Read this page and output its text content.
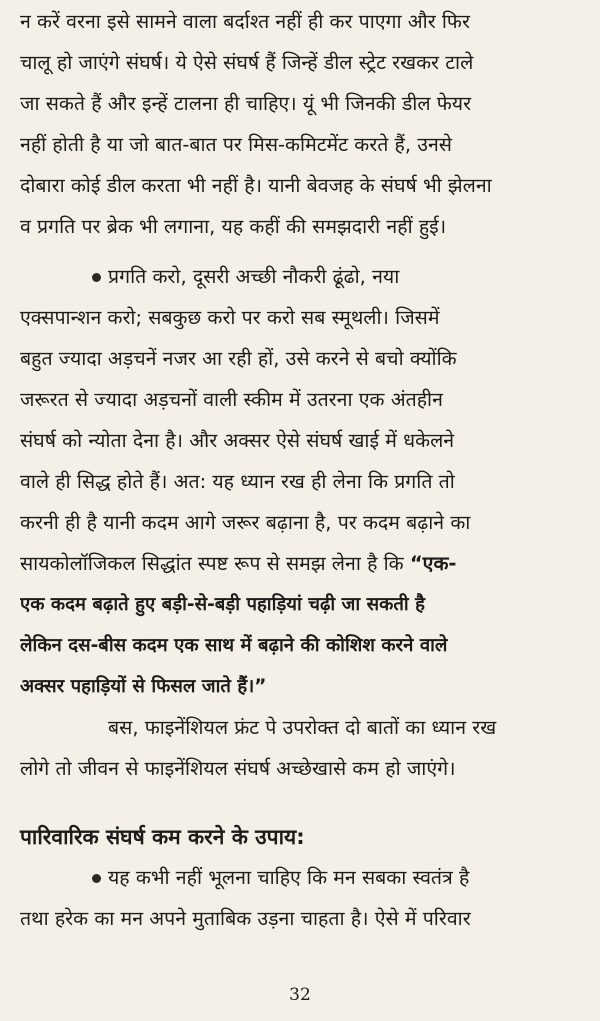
न करें वरना इसे सामने वाला बर्दाश्त नहीं ही कर पाएगा और फिर
चालू हो जाएंगे संघर्ष। ये ऐसे संघर्ष हैं जिन्हें डील स्ट्रेट रखकर टाले
जा सकते हैं और इन्हें टालना ही चाहिए। यूं भी जिनकी डील फेयर
नहीं होती है या जो बात-बात पर मिस-कमिटमेंट करते हैं, उनसे
दोबारा कोई डील करता भी नहीं है। यानी बेवजह के संघर्ष भी झेलना
व प्रगति पर ब्रेक भी लगाना, यह कहीं की समझदारी नहीं हुई।
प्रगति करो, दूसरी अच्छी नौकरी ढूंढो, नया
एक्सपान्शन करो; सबकुछ करो पर करो सब स्मूथली। जिसमें
बहुत ज्यादा अड़चनें नजर आ रही हों, उसे करने से बचो क्योंकि
जरूरत से ज्यादा अड़चनों वाली स्कीम में उतरना एक अंतहीन
संघर्ष को न्योता देना है। और अक्सर ऐसे संघर्ष खाई में धकेलने
वाले ही सिद्ध होते हैं। अत: यह ध्यान रख ही लेना कि प्रगति तो
करनी ही है यानी कदम आगे जरूर बढ़ाना है, पर कदम बढ़ाने का
सायकोलॉजिकल सिद्धांत स्पष्ट रूप से समझ लेना है कि “एक-
एक कदम बढ़ाते हुए बड़ी-से-बड़ी पहाड़ियां चढ़ी जा सकती है
लेकिन दस-बीस कदम एक साथ में बढ़ाने की कोशिश करने वाले
अक्सर पहाड़ियों से फिसल जाते हैं।”
बस, फाइनेंशियल फ्रंट पे उपरोक्त दो बातों का ध्यान रख
लोगे तो जीवन से फाइनेंशियल संघर्ष अच्छेखासे कम हो जाएंगे।
पारिवारिक संघर्ष कम करने के उपाय:
यह कभी नहीं भूलना चाहिए कि मन सबका स्वतंत्र है
तथा हरेक का मन अपने मुताबिक उड़ना चाहता है। ऐसे में परिवार
32
